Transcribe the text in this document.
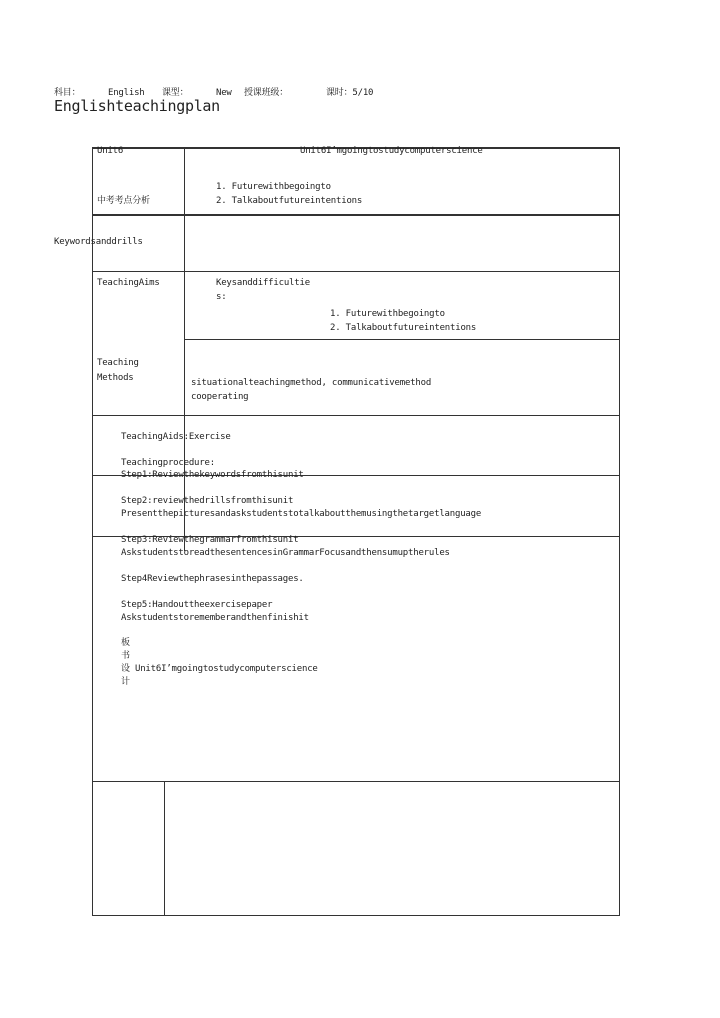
科目：	English 课型：	New 授课班级：	课时：5/10
Englishteachingplan
Unit6	Unit6I’mgoingtostudycomputerscience
1. Futurewithbegoingto
2. Talkaboutfutureintentions
中考考点分析
Keywordsanddrills
TeachingAims	Keysanddifficultie
s:
1. Futurewithbegoingto
2. Talkaboutfutureintentions
Teaching
Methods	situationalteachingmethod, communicativemethod
cooperating
TeachingAids:Exercise
Teachingprocedure:
Step1:Reviewthekeywordsfromthisunit
Step2:reviewthedrillsfromthisunit
Presentthepicturesandaskstudentstotalkaboutthemusingthetargetlanguage
Step3:Reviewthegrammarfromthisunit
AskstudentstoreadthesentencesinGrammarFocusandthensumuptherules
Step4Reviewthephrasesinthepassages.
Step5:Handouttheexercisepaper
Askstudentstorememberandthenfinishit
板
书
设
计
Unit6I’mgoingtostudycomputerscience
